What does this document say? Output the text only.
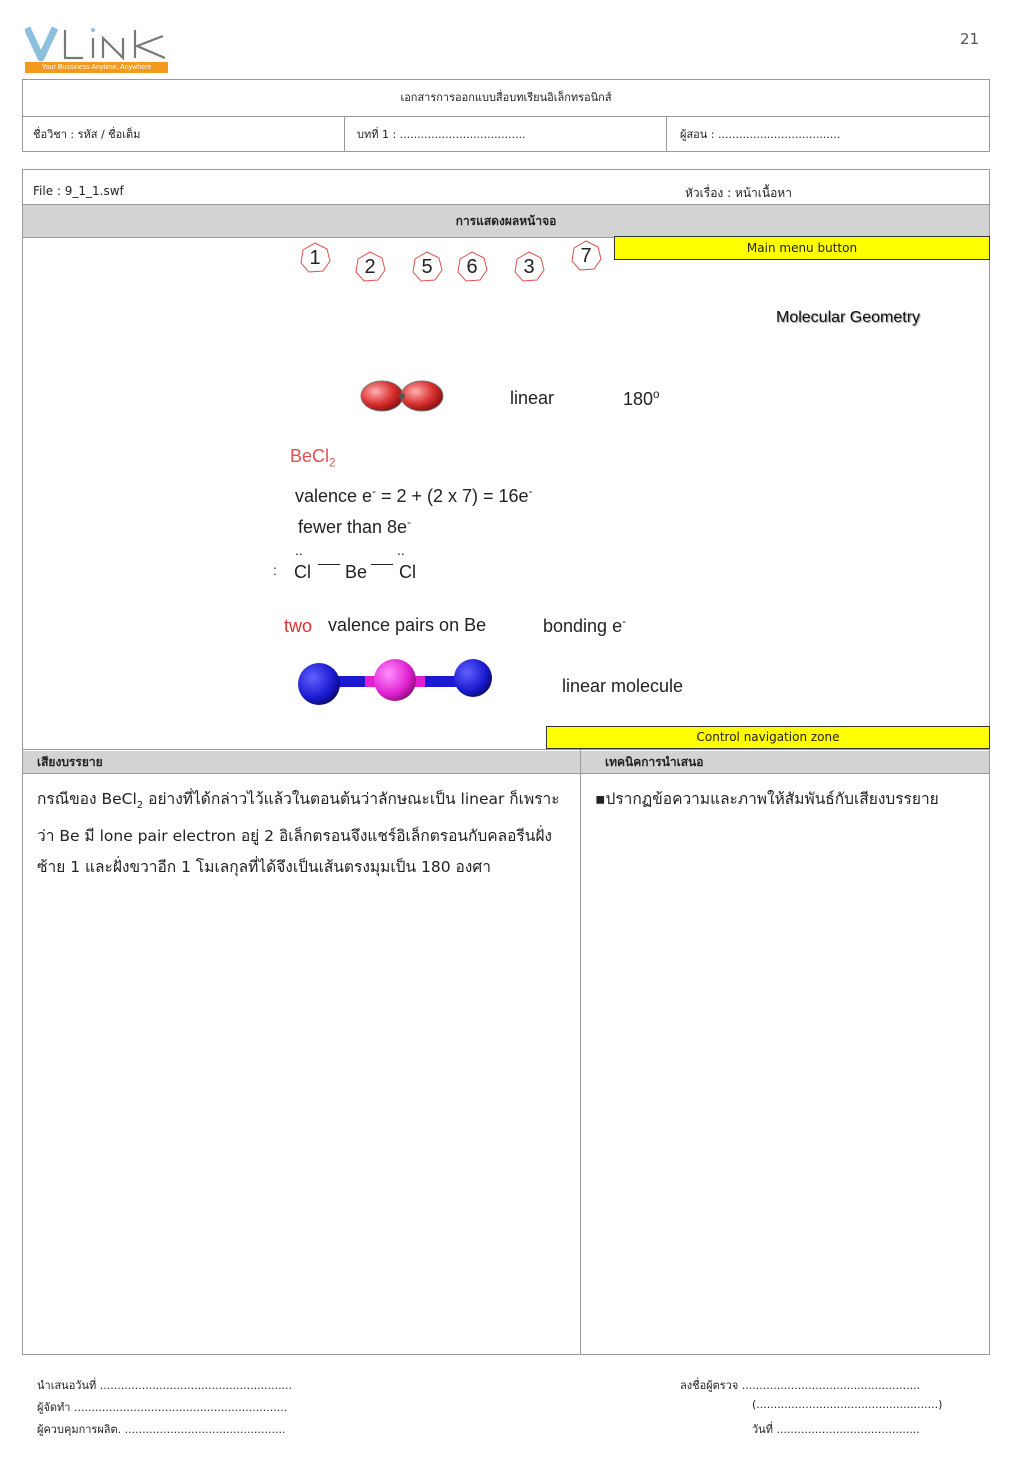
21
Your Bussiness Anytime, Anywhere
เอกสารการออกแบบสื่อบทเรียนอิเล็กทรอนิกส์
ชื่อวิชา : รหัส / ชื่อเต็ม	บทที่ 1 : ....................................	ผู้สอน : ...................................
File : 9_1_1.swf	หัวเรื่อง : หน้าเนื้อหา
การแสดงผลหน้าจอ
1	2	5	6	3	7	Main menu button
Molecular Geometry
linear	180$^o$
BeCl$_2$
valence e- = 2 + (2 x 7) = 16e-
fewer than 8e-
..	..
: Cl Be Cl
two valence pairs on Be	bonding e-
linear molecule
Control navigation zone
เสียงบรรยาย	เทคนิคการนำเสนอ
กรณีของ BeCl$_2$ อย่างที่ได้กล่าวไว้แล้วในตอนต้นว่าลักษณะเป็น linear ก็เพราะว่า Be มี lone pair electron อยู่ 2 อิเล็กตรอนจึงแชร์อิเล็กตรอนกับคลอรีนฝั่งซ้าย 1 และฝั่งขวาอีก 1 โมเลกุลที่ได้จึงเป็นเส้นตรงมุมเป็น 180 องศา
▪ปรากฏข้อความและภาพให้สัมพันธ์กับเสียงบรรยาย
นำเสนอวันที่ .......................................................
ผู้จัดทำ .............................................................
ผู้ควบคุมการผลิต. ..............................................
ลงชื่อผู้ตรวจ ...................................................
(....................................................)
วันที่ .........................................
